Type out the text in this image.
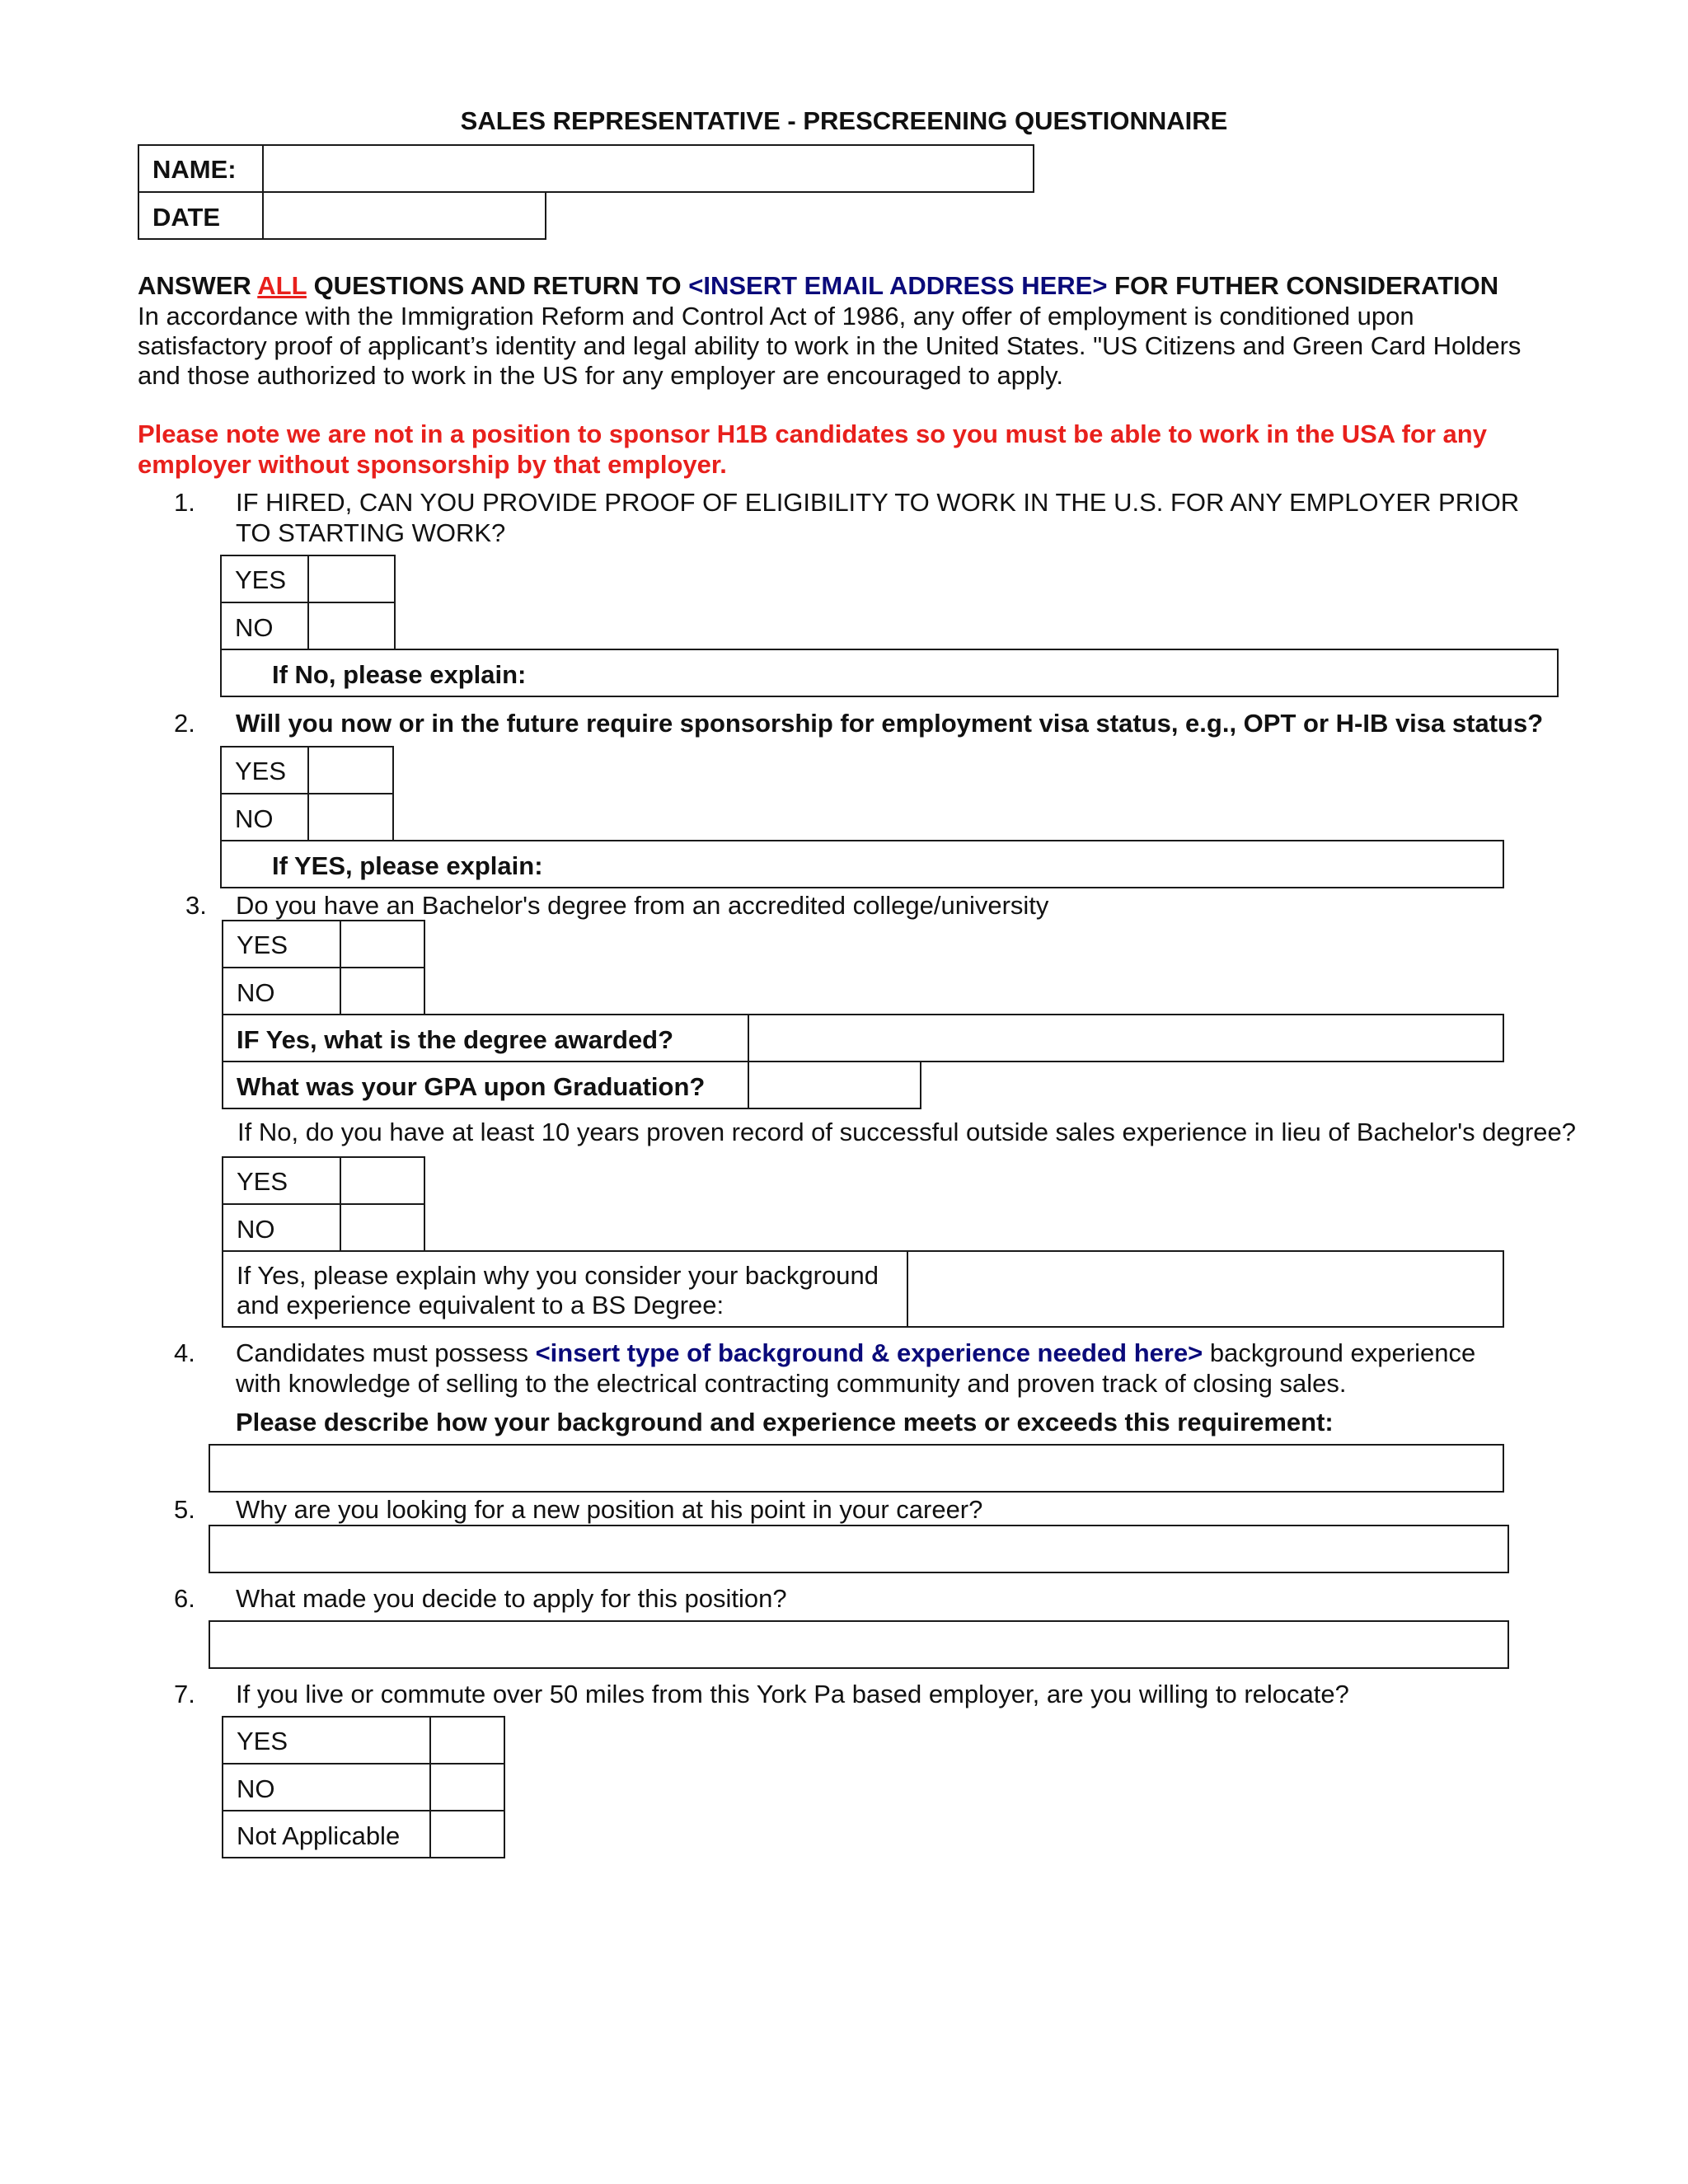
SALES REPRESENTATIVE - PRESCREENING QUESTIONNAIRE
NAME:
DATE
ANSWER ALL QUESTIONS AND RETURN TO <INSERT EMAIL ADDRESS HERE> FOR FUTHER CONSIDERATION
In accordance with the Immigration Reform and Control Act of 1986, any offer of employment is conditioned upon
satisfactory proof of applicant’s identity and legal ability to work in the United States. "US Citizens and Green Card Holders
and those authorized to work in the US for any employer are encouraged to apply.
Please note we are not in a position to sponsor H1B candidates so you must be able to work in the USA for any
employer without sponsorship by that employer.
1. IF HIRED, CAN YOU PROVIDE PROOF OF ELIGIBILITY TO WORK IN THE U.S. FOR ANY EMPLOYER PRIOR
TO STARTING WORK?
YES
NO
If No, please explain:
2. Will you now or in the future require sponsorship for employment visa status, e.g., OPT or H-IB visa status?
YES
NO
If YES, please explain:
3. Do you have an Bachelor's degree from an accredited college/university
YES
NO
IF Yes, what is the degree awarded?
What was your GPA upon Graduation?
If No, do you have at least 10 years proven record of successful outside sales experience in lieu of Bachelor's degree?
YES
NO
If Yes, please explain why you consider your background
and experience equivalent to a BS Degree:
4. Candidates must possess <insert type of background & experience needed here> background experience
with knowledge of selling to the electrical contracting community and proven track of closing sales.
Please describe how your background and experience meets or exceeds this requirement:
5. Why are you looking for a new position at his point in your career?
6. What made you decide to apply for this position?
7. If you live or commute over 50 miles from this York Pa based employer, are you willing to relocate?
YES
NO
Not Applicable
